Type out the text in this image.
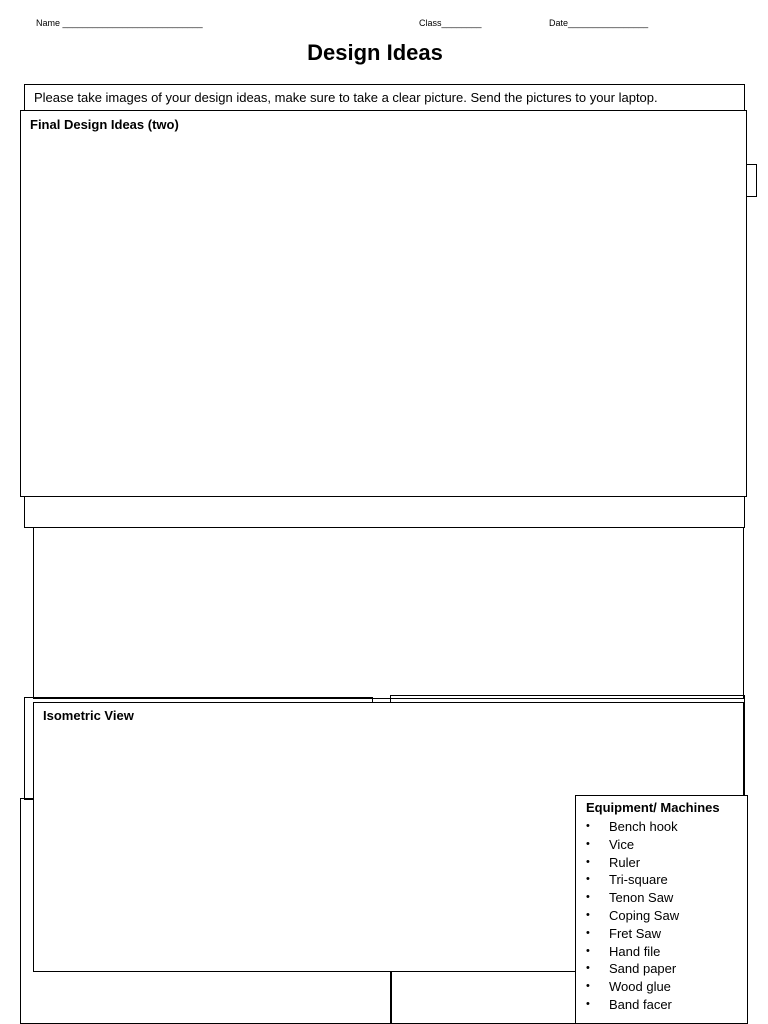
Name ____________________________	Class________	Date________________
Design Ideas
Please take images of your design ideas, make sure to take a clear picture. Send the pictures to your laptop.
Final Design Ideas (two)
Isometric View
Equipment/ Machines
• Bench hook
• Vice
• Ruler
• Tri-square
• Tenon Saw
• Coping Saw
• Fret Saw
• Hand file
• Sand paper
• Wood glue
• Band facer
